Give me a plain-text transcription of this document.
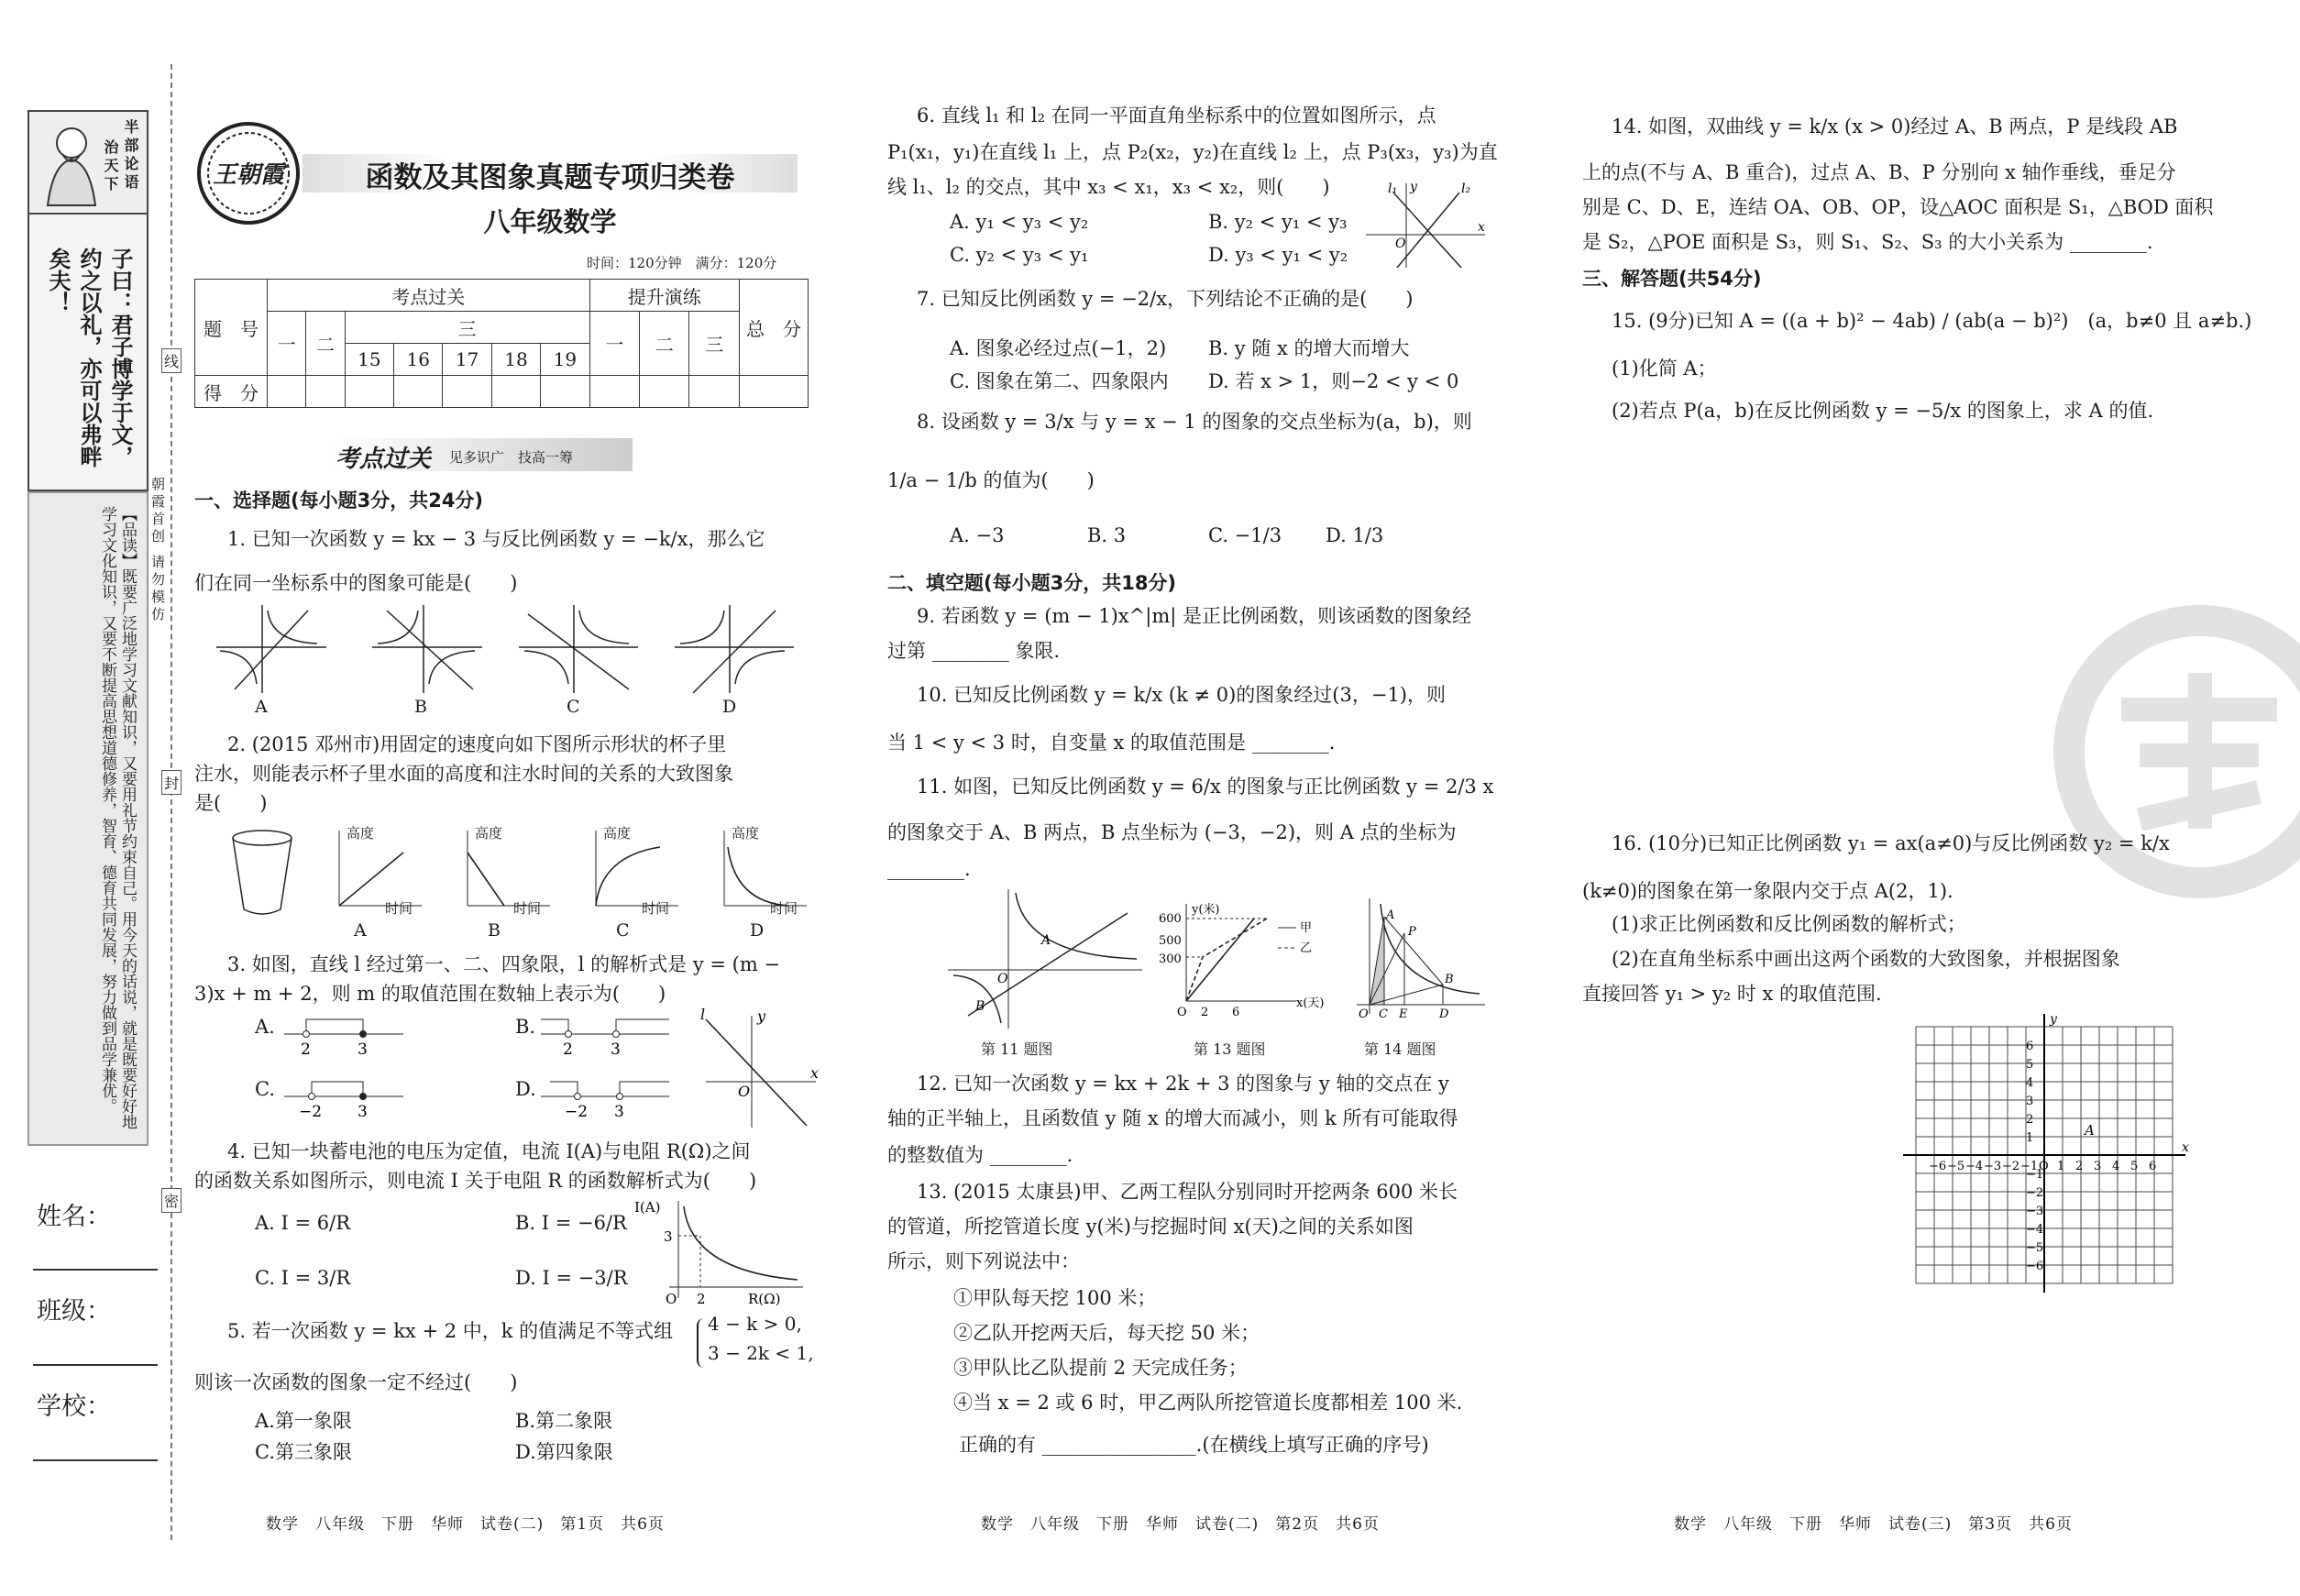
半部论语
治天下
子曰：君子博学于文，约之以礼，亦可以弗畔矣夫！
【品读】既要广泛地学习文献知识，又要用礼节约束自己。用今天的话说，就是既要好好地学习文化知识，又要不断提高思想道德修养，智育、德育共同发展，努力做到品学兼优。	朝霞首创 请勿模仿
线
封
密
姓名：
班级：
学校：
王朝霞	函数及其图象真题专项归类卷
八年级数学
时间：120分钟　满分：120分
题　号	考点过关							提升演练			总　分
	一	二	三					一	二	三	
			15	16	17	18	19				
得　分											
考点过关 见多识广　技高一筹
一、选择题(每小题3分，共24分)
1. 已知一次函数 y = kx − 3 与反比例函数 y = −k/x，那么它
们在同一坐标系中的图象可能是(　　)
A	B	C	D
2. (2015 邓州市)用固定的速度向如下图所示形状的杯子里
注水，则能表示杯子里水面的高度和注水时间的关系的大致图象
是(　　)
高度	高度	高度	高度
时间	时间	时间	时间
A	B	C	D
3. 如图，直线 l 经过第一、二、四象限，l 的解析式是 y = (m −
3)x + m + 2，则 m 的取值范围在数轴上表示为(　　)
A.	B.
C.	D.
2	3	2 3
−2 3	−2 3
O
l	y
x
4. 已知一块蓄电池的电压为定值，电流 I(A)与电阻 R(Ω)之间
的函数关系如图所示，则电流 I 关于电阻 R 的函数解析式为(　　)
A. I = 6/R	B. I = −6/R
C. I = 3/R	D. I = −3/R
I(A)
3
O 2	R(Ω)
5. 若一次函数 y = kx + 2 中，k 的值满足不等式组 4 − k > 0,
3 − 2k < 1,
则该一次函数的图象一定不经过(　　)
A.第一象限	B.第二象限
C.第三象限	D.第四象限
数学　八年级　下册　华师　试卷(二)　第1页　共6页
6. 直线 l₁ 和 l₂ 在同一平面直角坐标系中的位置如图所示，点
P₁(x₁，y₁)在直线 l₁ 上，点 P₂(x₂，y₂)在直线 l₂ 上，点 P₃(x₃，y₃)为直
线 l₁、l₂ 的交点，其中 x₃ < x₁，x₃ < x₂，则(　　)
A. y₁ < y₃ < y₂	B. y₂ < y₁ < y₃
C. y₂ < y₃ < y₁	D. y₃ < y₁ < y₂
l₁	l₂
O
x
y
7. 已知反比例函数 y = −2/x，下列结论不正确的是(　　)
A. 图象必经过点(−1，2) B. y 随 x 的增大而增大
C. 图象在第二、四象限内 D. 若 x > 1，则−2 < y < 0
8. 设函数 y = 3/x 与 y = x − 1 的图象的交点坐标为(a，b)，则
1/a − 1/b 的值为(　　)
A. −3	B. 3	C. −1/3 D. 1/3
二、填空题(每小题3分，共18分)
9. 若函数 y = (m − 1)x^|m| 是正比例函数，则该函数的图象经
过第 ________ 象限.
10. 已知反比例函数 y = k/x (k ≠ 0)的图象经过(3，−1)，则
当 1 < y < 3 时，自变量 x 的取值范围是 ________.
11. 如图，已知反比例函数 y = 6/x 的图象与正比例函数 y = 2/3 x
的图象交于 A、B 两点，B 点坐标为 (−3，−2)，则 A 点的坐标为
________.
O
A
B
600
500
300
O 2 6
y(米)
x(天)
甲
乙
A
P
B
O C E	D
第 11 题图	第 13 题图	第 14 题图
12. 已知一次函数 y = kx + 2k + 3 的图象与 y 轴的交点在 y
轴的正半轴上，且函数值 y 随 x 的增大而减小，则 k 所有可能取得
的整数值为 ________.
13. (2015 太康县)甲、乙两工程队分别同时开挖两条 600 米长
的管道，所挖管道长度 y(米)与挖掘时间 x(天)之间的关系如图
所示，则下列说法中：
①甲队每天挖 100 米；
②乙队开挖两天后，每天挖 50 米；
③甲队比乙队提前 2 天完成任务；
④当 x = 2 或 6 时，甲乙两队所挖管道长度都相差 100 米.
正确的有 ________________.(在横线上填写正确的序号)
数学　八年级　下册　华师　试卷(二)　第2页　共6页
14. 如图，双曲线 y = k/x (x > 0)经过 A、B 两点，P 是线段 AB
上的点(不与 A、B 重合)，过点 A、B、P 分别向 x 轴作垂线，垂足分
别是 C、D、E，连结 OA、OB、OP，设△AOC 面积是 S₁，△BOD 面积
是 S₂，△POE 面积是 S₃，则 S₁、S₂、S₃ 的大小关系为 ________.
三、解答题(共54分)
15. (9分)已知 A = ((a + b)² − 4ab) / (ab(a − b)²)　(a，b≠0 且 a≠b.)
(1)化简 A；
(2)若点 P(a，b)在反比例函数 y = −5/x 的图象上，求 A 的值.
16. (10分)已知正比例函数 y₁ = ax(a≠0)与反比例函数 y₂ = k/x
(k≠0)的图象在第一象限内交于点 A(2，1).
(1)求正比例函数和反比例函数的解析式；
(2)在直角坐标系中画出这两个函数的大致图象，并根据图象
直接回答 y₁ > y₂ 时 x 的取值范围.
−6 −5 −4 −3 −2 −1 O 1 2 3 4 5 6
6
5
4
3
2
1
−1
−2
−3
−4
−5
−6
x
y
A
数学　八年级　下册　华师　试卷(三)　第3页　共6页
